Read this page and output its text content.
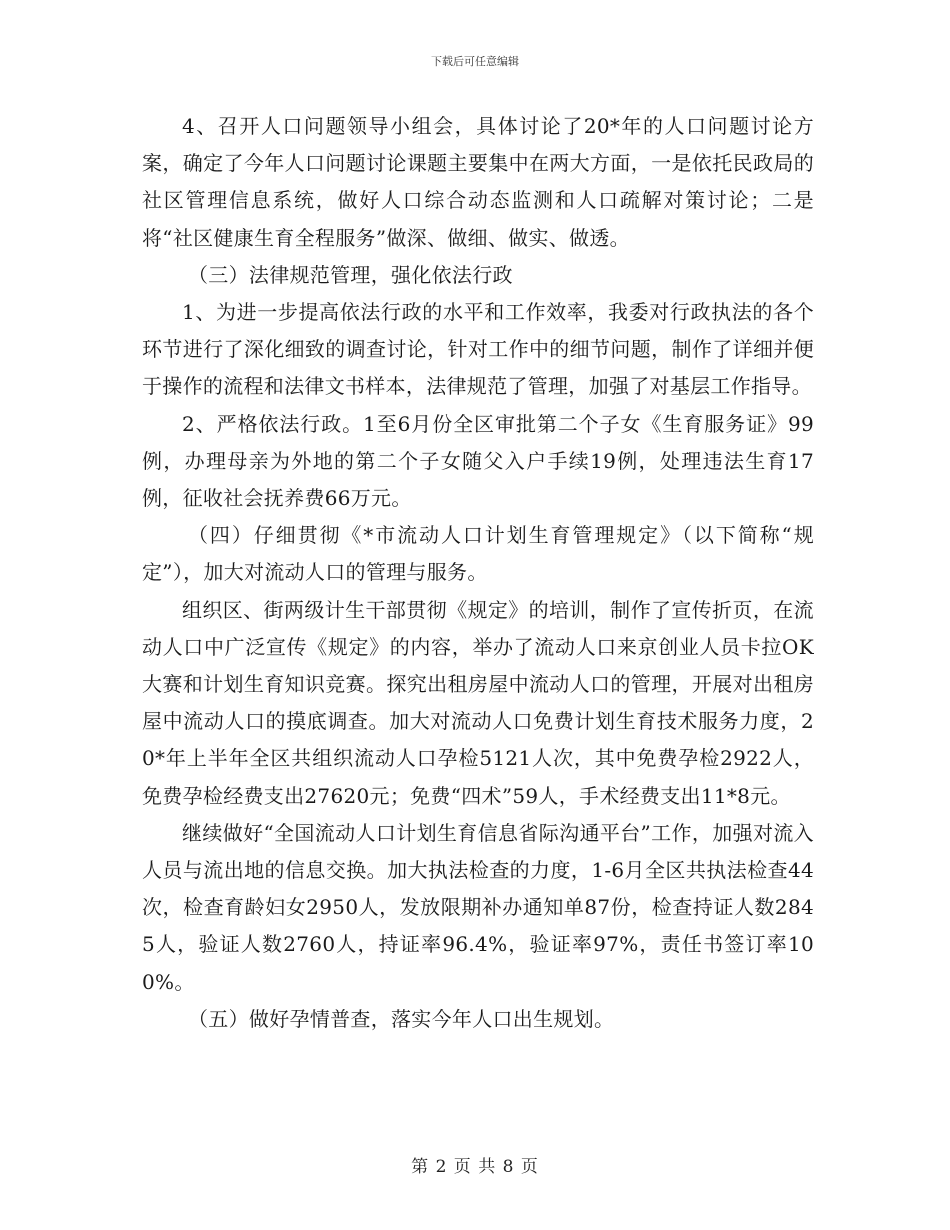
下载后可任意编辑

4、召开人口问题领导小组会，具体讨论了20*年的人口问题讨论方案，确定了今年人口问题讨论课题主要集中在两大方面，一是依托民政局的社区管理信息系统，做好人口综合动态监测和人口疏解对策讨论；二是将“社区健康生育全程服务”做深、做细、做实、做透。

（三）法律规范管理，强化依法行政

1、为进一步提高依法行政的水平和工作效率，我委对行政执法的各个环节进行了深化细致的调查讨论，针对工作中的细节问题，制作了详细并便于操作的流程和法律文书样本，法律规范了管理，加强了对基层工作指导。

2、严格依法行政。1至6月份全区审批第二个子女《生育服务证》99例，办理母亲为外地的第二个子女随父入户手续19例，处理违法生育17例，征收社会抚养费66万元。

（四）仔细贯彻《*市流动人口计划生育管理规定》（以下简称“规定”），加大对流动人口的管理与服务。

组织区、街两级计生干部贯彻《规定》的培训，制作了宣传折页，在流动人口中广泛宣传《规定》的内容，举办了流动人口来京创业人员卡拉OK大赛和计划生育知识竞赛。探究出租房屋中流动人口的管理，开展对出租房屋中流动人口的摸底调查。加大对流动人口免费计划生育技术服务力度，20*年上半年全区共组织流动人口孕检5121人次，其中免费孕检2922人，免费孕检经费支出27620元；免费“四术”59人，手术经费支出11*8元。

继续做好“全国流动人口计划生育信息省际沟通平台”工作，加强对流入人员与流出地的信息交换。加大执法检查的力度，1-6月全区共执法检查44次，检查育龄妇女2950人，发放限期补办通知单87份，检查持证人数2845人，验证人数2760人，持证率96.4%，验证率97%，责任书签订率100%。

（五）做好孕情普查，落实今年人口出生规划。

第 2 页 共 8 页
